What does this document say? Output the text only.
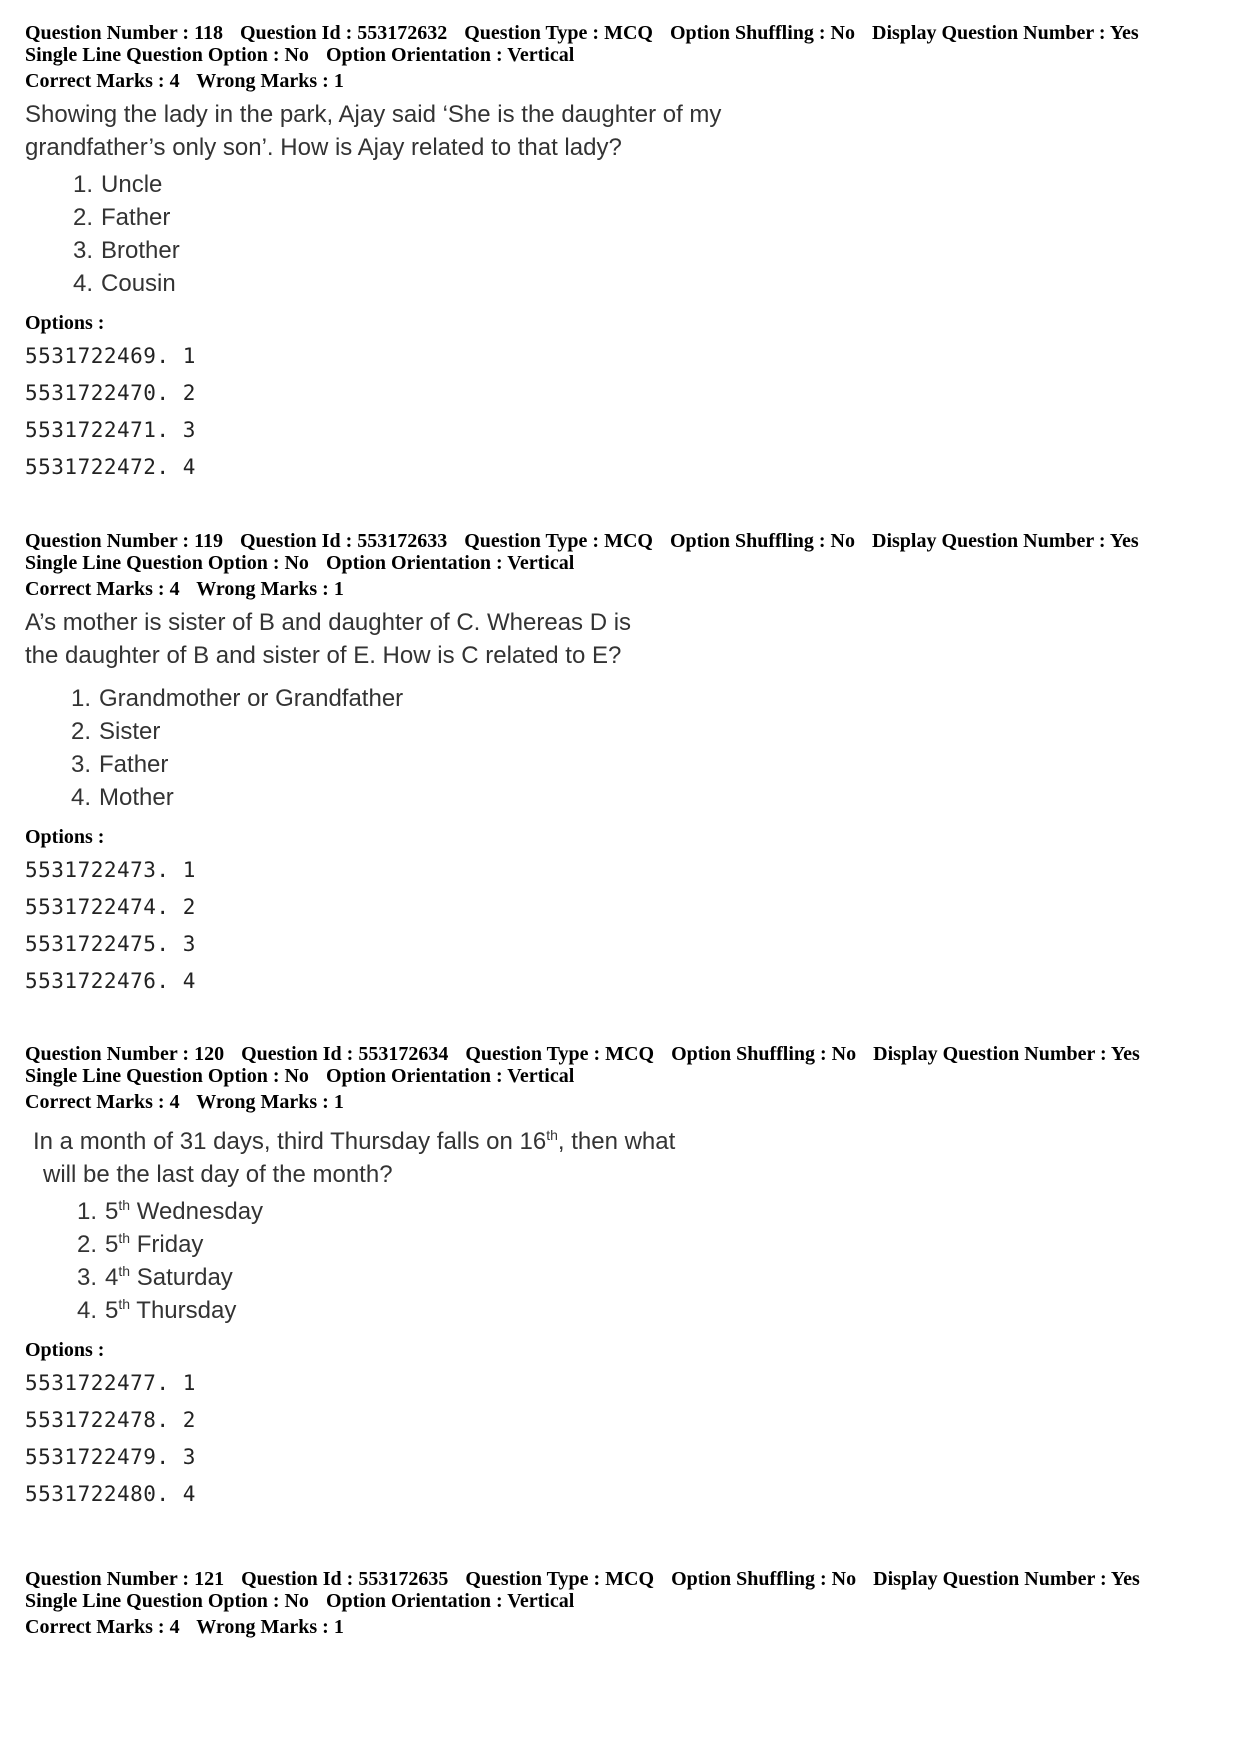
Question Number : 118 Question Id : 553172632 Question Type : MCQ Option Shuffling : No Display Question Number : Yes
Single Line Question Option : No Option Orientation : Vertical
Correct Marks : 4 Wrong Marks : 1

Showing the lady in the park, Ajay said ‘She is the daughter of my

grandfather’s only son’. How is Ajay related to that lady?

1. Uncle
2. Father
3. Brother
4. Cousin
Options :
5531722469. 1
5531722470. 2
5531722471. 3
5531722472. 4
Question Number : 119 Question Id : 553172633 Question Type : MCQ Option Shuffling : No Display Question Number : Yes
Single Line Question Option : No Option Orientation : Vertical
Correct Marks : 4 Wrong Marks : 1

A’s mother is sister of B and daughter of C. Whereas D is

the daughter of B and sister of E. How is C related to E?

1. Grandmother or Grandfather
2. Sister
3. Father
4. Mother
Options :
5531722473. 1
5531722474. 2
5531722475. 3
5531722476. 4
Question Number : 120 Question Id : 553172634 Question Type : MCQ Option Shuffling : No Display Question Number : Yes
Single Line Question Option : No Option Orientation : Vertical
Correct Marks : 4 Wrong Marks : 1

In a month of 31 days, third Thursday falls on 16th, then what

will be the last day of the month?

1. 5th Wednesday
2. 5th Friday
3. 4th Saturday
4. 5th Thursday
Options :
5531722477. 1
5531722478. 2
5531722479. 3
5531722480. 4
Question Number : 121 Question Id : 553172635 Question Type : MCQ Option Shuffling : No Display Question Number : Yes
Single Line Question Option : No Option Orientation : Vertical
Correct Marks : 4 Wrong Marks : 1
